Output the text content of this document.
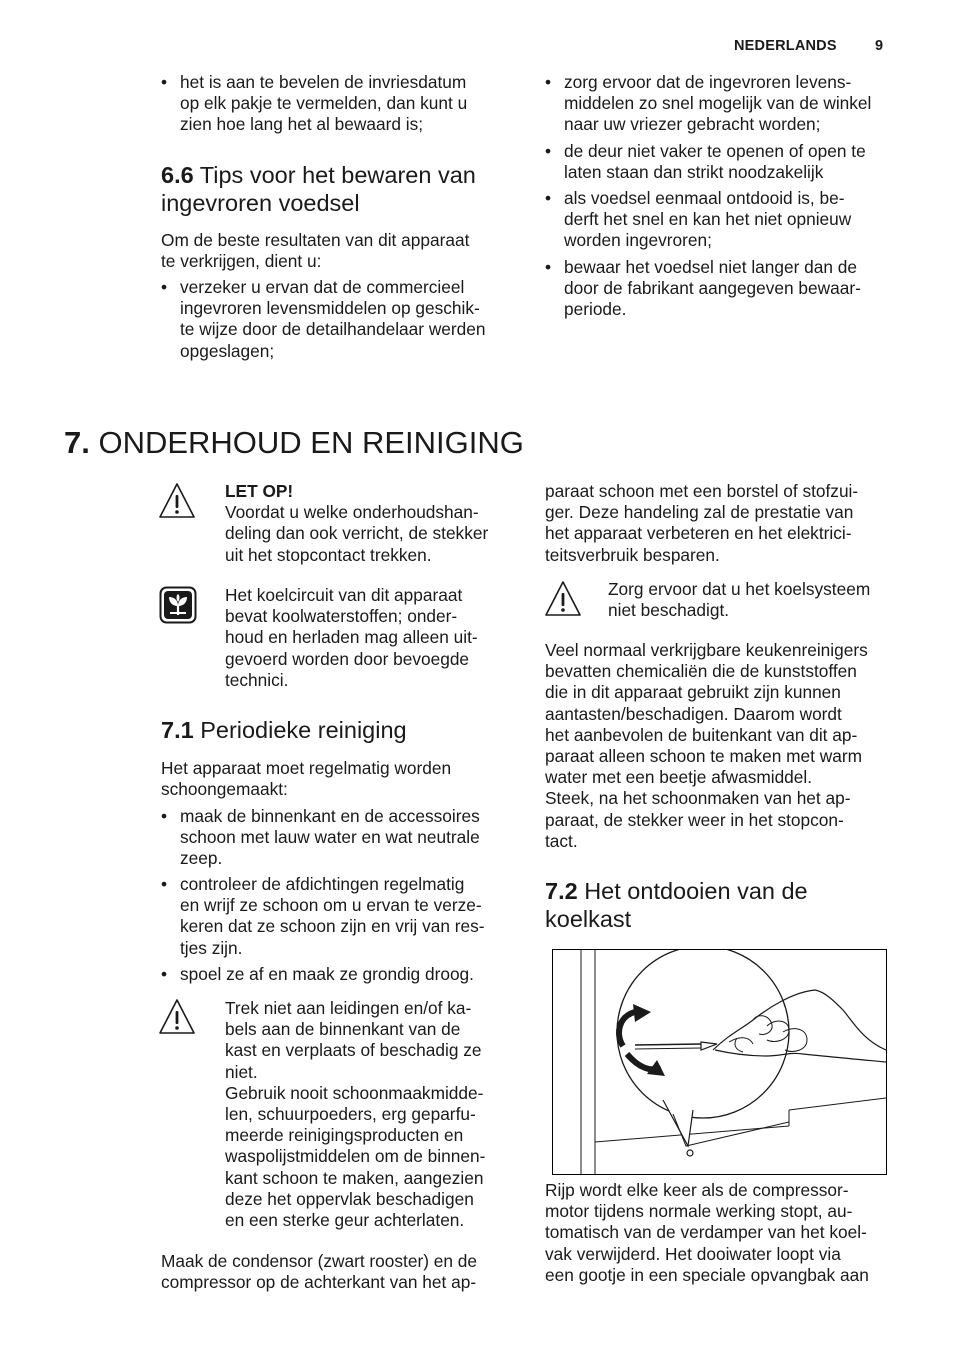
NEDERLANDS	9
• het is aan te bevelen de invriesdatum
op elk pakje te vermelden, dan kunt u
zien hoe lang het al bewaard is;
6.6 Tips voor het bewaren van
ingevroren voedsel
Om de beste resultaten van dit apparaat
te verkrijgen, dient u:
• verzeker u ervan dat de commercieel
ingevroren levensmiddelen op geschik-
te wijze door de detailhandelaar werden
opgeslagen;
• zorg ervoor dat de ingevroren levens-
middelen zo snel mogelijk van de winkel
naar uw vriezer gebracht worden;
• de deur niet vaker te openen of open te
laten staan dan strikt noodzakelijk
• als voedsel eenmaal ontdooid is, be-
derft het snel en kan het niet opnieuw
worden ingevroren;
• bewaar het voedsel niet langer dan de
door de fabrikant aangegeven bewaar-
periode.
7. ONDERHOUD EN REINIGING
LET OP!
Voordat u welke onderhoudshan-
deling dan ook verricht, de stekker
uit het stopcontact trekken.
Het koelcircuit van dit apparaat
bevat koolwaterstoffen; onder-
houd en herladen mag alleen uit-
gevoerd worden door bevoegde
technici.
7.1 Periodieke reiniging
Het apparaat moet regelmatig worden
schoongemaakt:
• maak de binnenkant en de accessoires
schoon met lauw water en wat neutrale
zeep.
• controleer de afdichtingen regelmatig
en wrijf ze schoon om u ervan te verze-
keren dat ze schoon zijn en vrij van res-
tjes zijn.
• spoel ze af en maak ze grondig droog.
Trek niet aan leidingen en/of ka-
bels aan de binnenkant van de
kast en verplaats of beschadig ze
niet.
Gebruik nooit schoonmaakmidde-
len, schuurpoeders, erg geparfu-
meerde reinigingsproducten en
waspolijstmiddelen om de binnen-
kant schoon te maken, aangezien
deze het oppervlak beschadigen
en een sterke geur achterlaten.
Maak de condensor (zwart rooster) en de
compressor op de achterkant van het ap-
paraat schoon met een borstel of stofzui-
ger. Deze handeling zal de prestatie van
het apparaat verbeteren en het elektrici-
teitsverbruik besparen.
Zorg ervoor dat u het koelsysteem
niet beschadigt.
Veel normaal verkrijgbare keukenreinigers
bevatten chemicaliën die de kunststoffen
die in dit apparaat gebruikt zijn kunnen
aantasten/beschadigen. Daarom wordt
het aanbevolen de buitenkant van dit ap-
paraat alleen schoon te maken met warm
water met een beetje afwasmiddel.
Steek, na het schoonmaken van het ap-
paraat, de stekker weer in het stopcon-
tact.
7.2 Het ontdooien van de
koelkast
Rijp wordt elke keer als de compressor-
motor tijdens normale werking stopt, au-
tomatisch van de verdamper van het koel-
vak verwijderd. Het dooiwater loopt via
een gootje in een speciale opvangbak aan
